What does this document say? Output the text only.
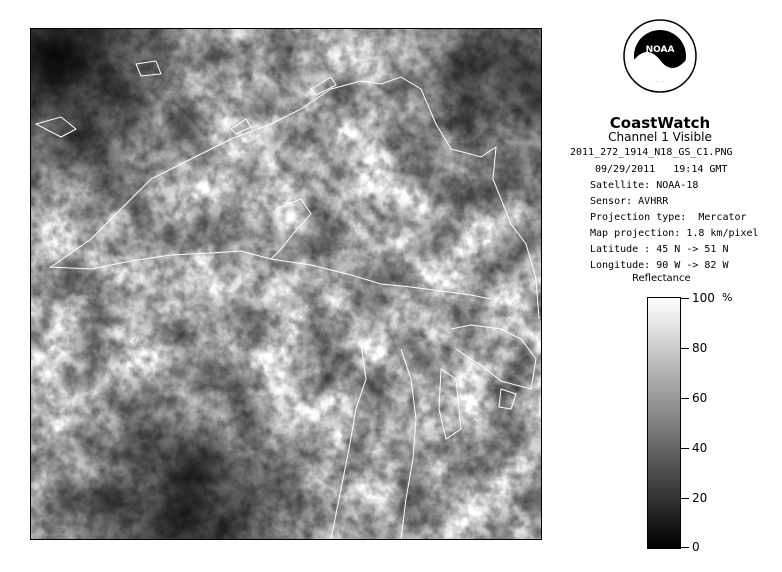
NOAA
CoastWatch
Channel 1 Visible
2011_272_1914_N18_GS_C1.PNG
09/29/2011   19:14 GMT
Satellite: NOAA-18
Sensor: AVHRR
Projection type:  Mercator
Map projection: 1.8 km/pixel
Latitude : 45 N -> 51 N
Longitude: 90 W -> 82 W
Reflectance
%
100
80
60
40
20
0
